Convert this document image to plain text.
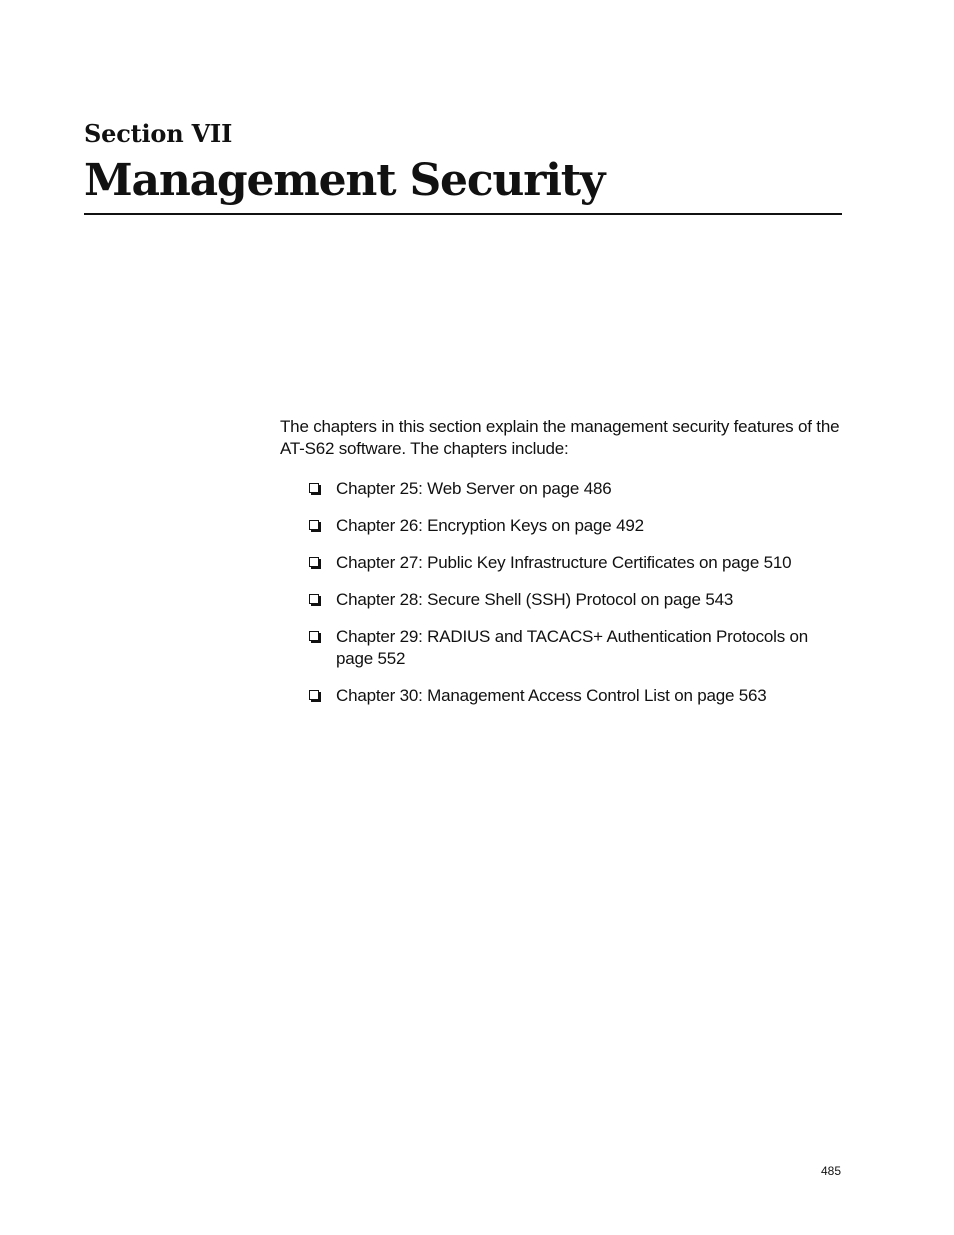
Section VII
Management Security

The chapters in this section explain the management security features of the AT-S62 software. The chapters include:

Chapter 25: Web Server on page 486
Chapter 26: Encryption Keys on page 492
Chapter 27: Public Key Infrastructure Certificates on page 510
Chapter 28: Secure Shell (SSH) Protocol on page 543
Chapter 29: RADIUS and TACACS+ Authentication Protocols on page 552
Chapter 30: Management Access Control List on page 563

485
